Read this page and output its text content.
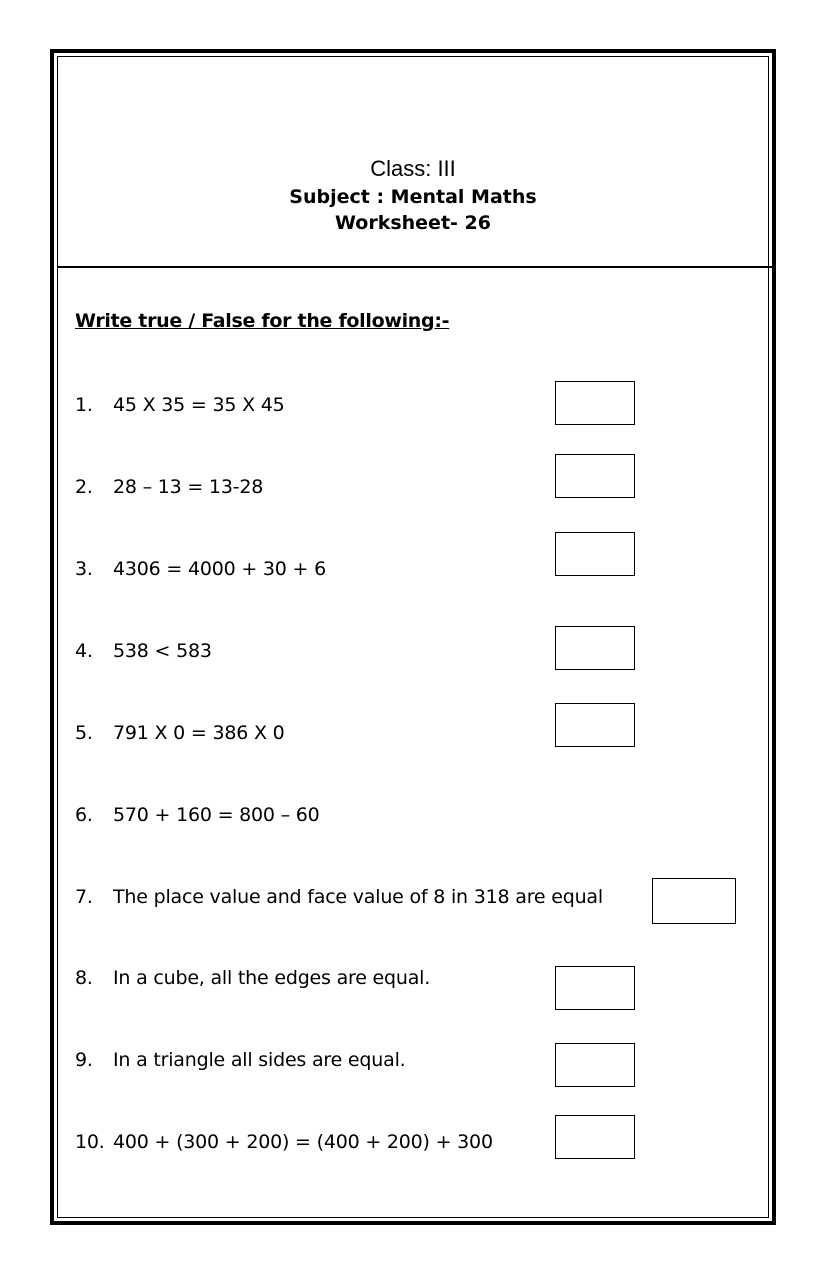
Class: III
Subject : Mental Maths
Worksheet- 26
Write true / False for the following:-
1. 45 X 35 = 35 X 45
2. 28 – 13 = 13-28
3. 4306 = 4000 + 30 + 6
4. 538 < 583
5. 791 X 0 = 386 X 0
6. 570 + 160 = 800 – 60
7. The place value and face value of 8 in 318 are equal
8. In a cube, all the edges are equal.
9. In a triangle all sides are equal.
10. 400 + (300 + 200) = (400 + 200) + 300
